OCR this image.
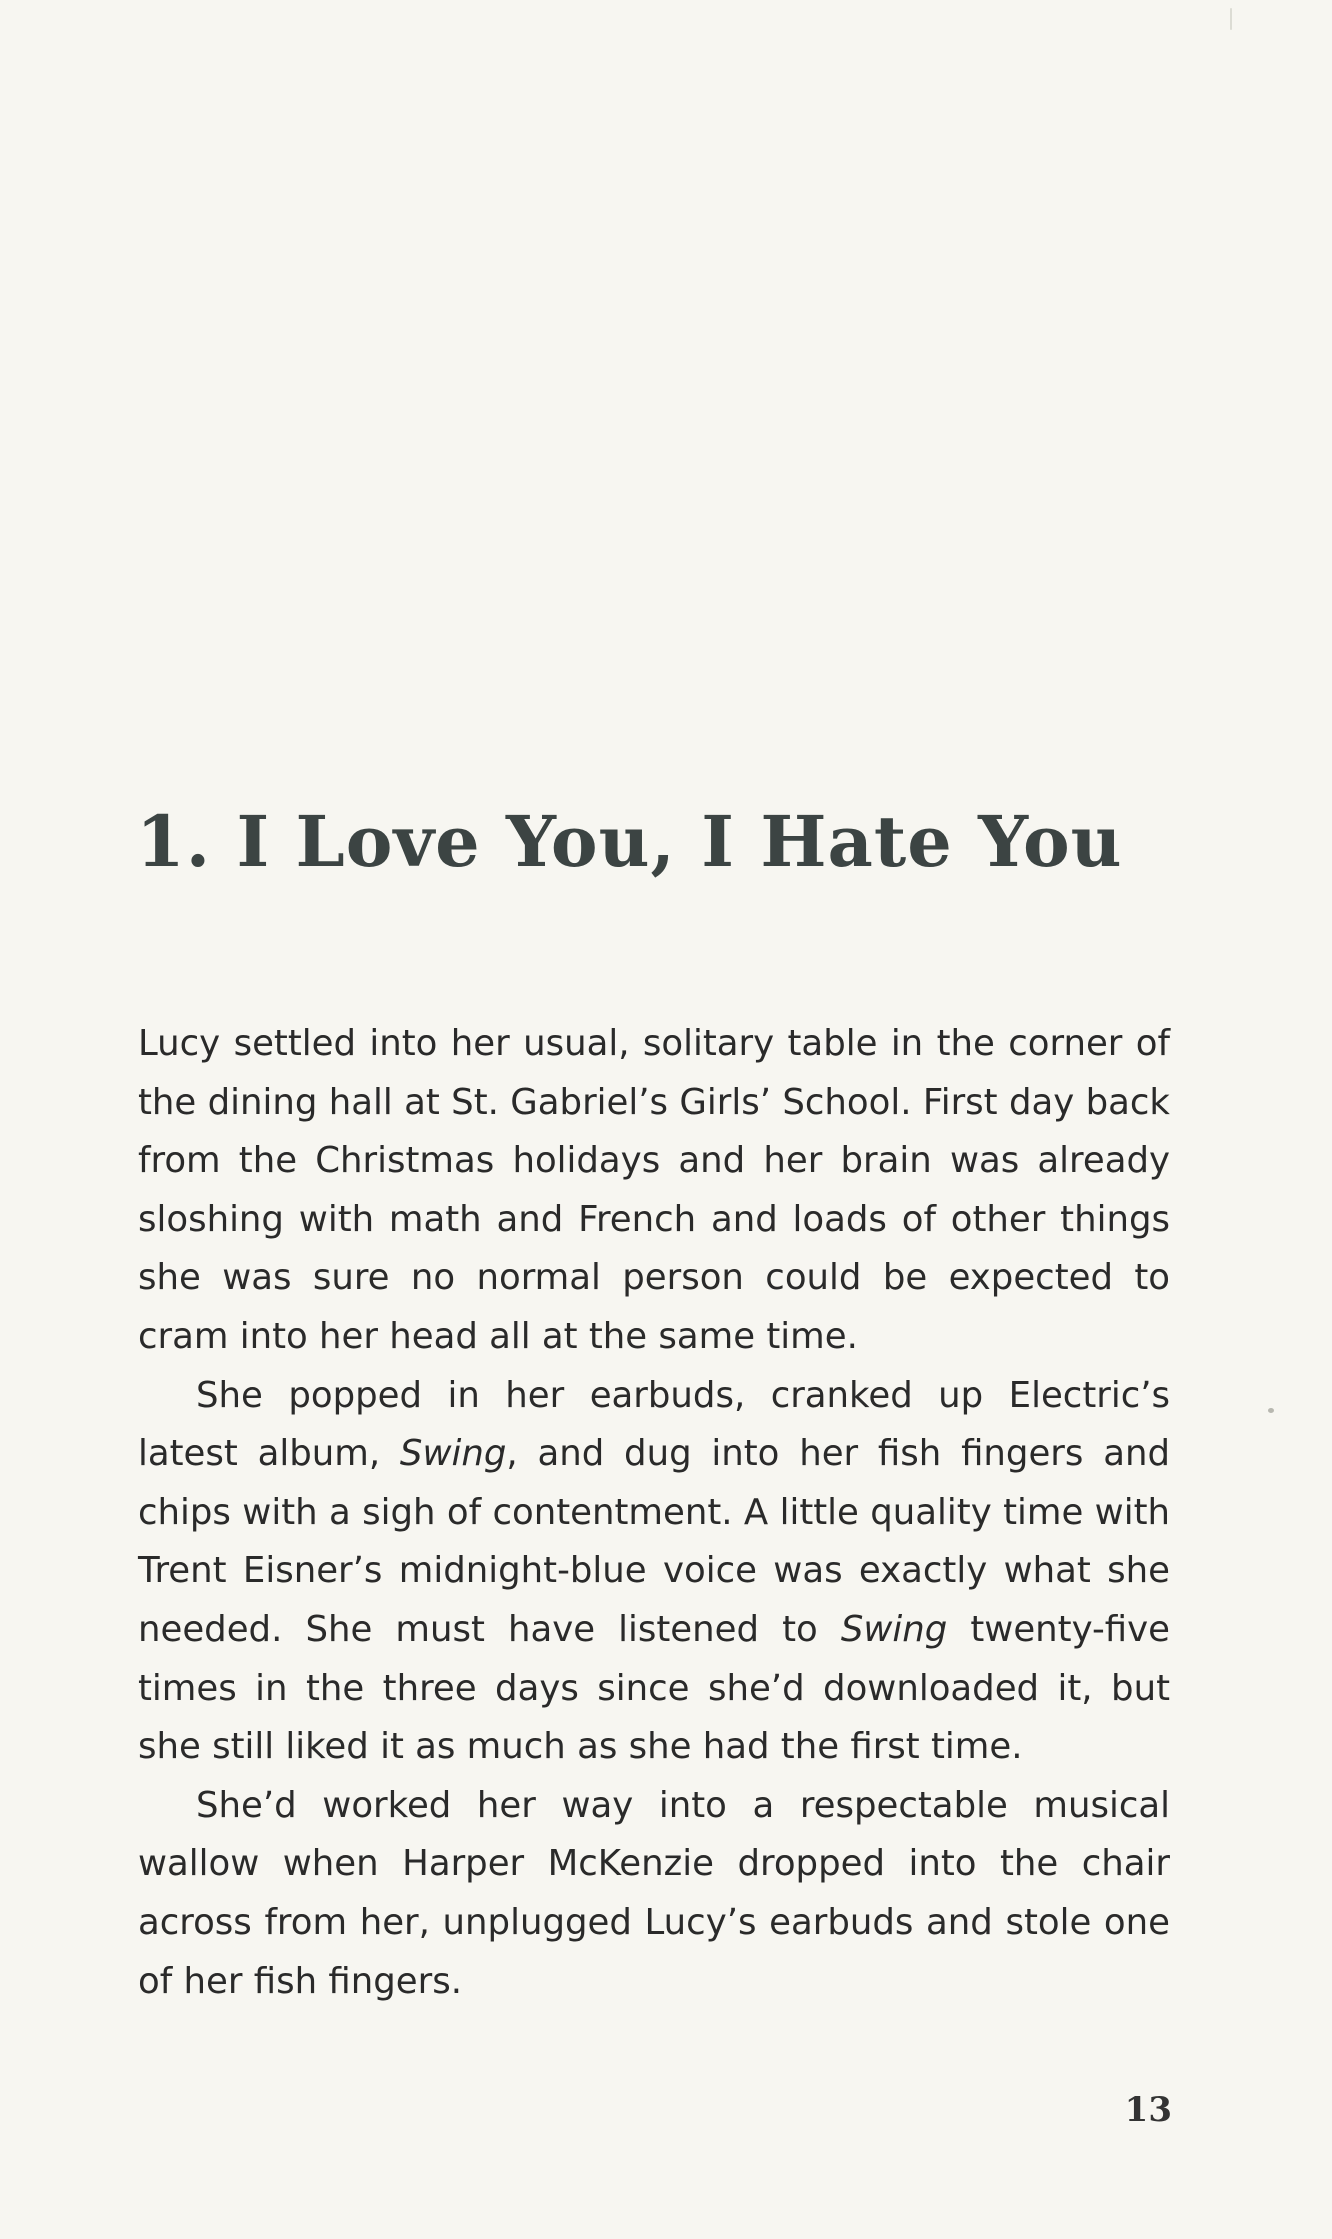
1. I Love You, I Hate You

Lucy settled into her usual, solitary table in the corner of the dining hall at St. Gabriel’s Girls’ School. First day back from the Christmas holidays and her brain was already sloshing with math and French and loads of other things she was sure no normal person could be expected to cram into her head all at the same time.

She popped in her earbuds, cranked up Electric’s latest album, Swing, and dug into her fish fingers and chips with a sigh of contentment. A little quality time with Trent Eisner’s midnight-blue voice was exactly what she needed. She must have listened to Swing twenty-five times in the three days since she’d downloaded it, but she still liked it as much as she had the first time.

She’d worked her way into a respectable musical wallow when Harper McKenzie dropped into the chair across from her, unplugged Lucy’s earbuds and stole one of her fish fingers.

13
